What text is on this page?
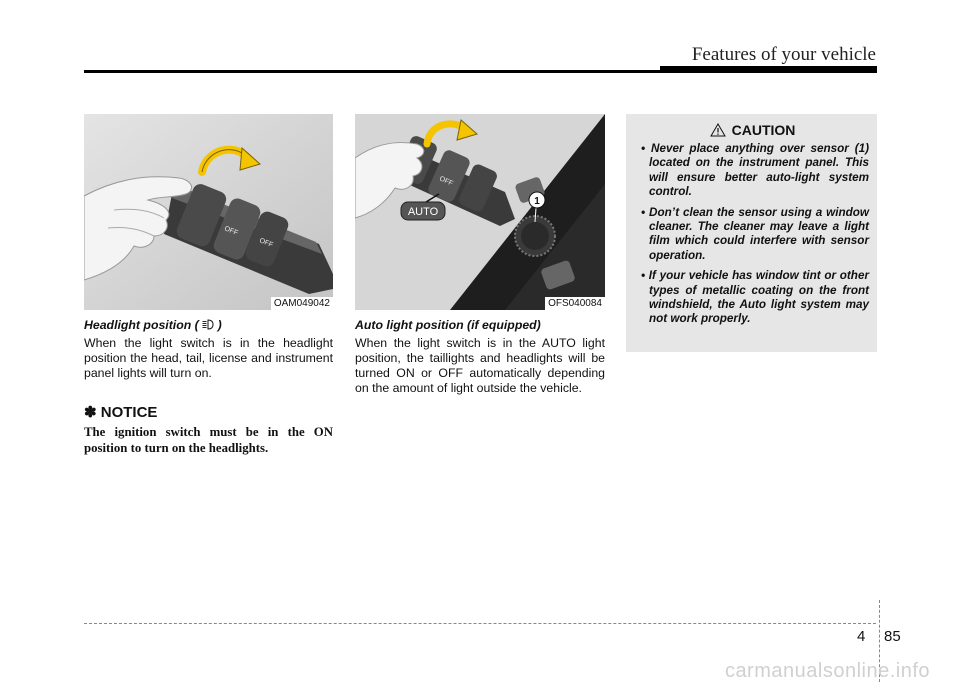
Features of your vehicle
OFF
OFF
OAM049042
OFF
AUTO
1
OFS040084

Headlight position ( )

When the light switch is in the headlight position the head, tail, license and instrument panel lights will turn on.

✽ NOTICE

The ignition switch must be in the ON position to turn on the headlights.

Auto light position (if equipped)

When the light switch is in the AUTO light position, the taillights and headlights will be turned ON or OFF automatically depending on the amount of light outside the vehicle.

CAUTION
• Never place anything over sensor (1) located on the instrument panel. This will ensure better auto-light system control.
• Don’t clean the sensor using a window cleaner. The cleaner may leave a light film which could interfere with sensor operation.
• If your vehicle has window tint or other types of metallic coating on the front windshield, the Auto light system may not work properly.
4 85
carmanualsonline.info
